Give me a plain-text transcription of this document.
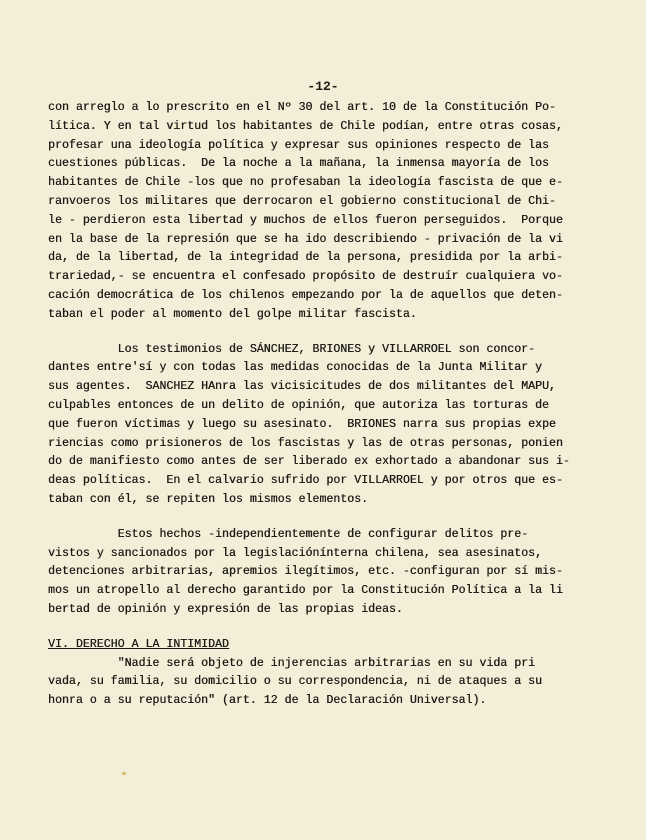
-12-
con arreglo a lo prescrito en el Nº 30 del art. 10 de la Constitución Po-
lítica. Y en tal virtud los habitantes de Chile podían, entre otras cosas,
profesar una ideología política y expresar sus opiniones respecto de las
cuestiones públicas.  De la noche a la mañana, la inmensa mayoría de los
habitantes de Chile -los que no profesaban la ideología fascista de que e-
ranvoeros los militares que derrocaron el gobierno constitucional de Chi-
le - perdieron esta libertad y muchos de ellos fueron perseguidos.  Porque
en la base de la represión que se ha ido describiendo - privación de la vi
da, de la libertad, de la integridad de la persona, presidida por la arbi-
trariedad,- se encuentra el confesado propósito de destruír cualquiera vo-
cación democrática de los chilenos empezando por la de aquellos que deten-
taban el poder al momento del golpe militar fascista.
Los testimonios de SÁNCHEZ, BRIONES y VILLARROEL son concor-
dantes entre'sí y con todas las medidas conocidas de la Junta Militar y
sus agentes.  SANCHEZ HAnra las vicisicitudes de dos militantes del MAPU,
culpables entonces de un delito de opinión, que autoriza las torturas de
que fueron víctimas y luego su asesinato.  BRIONES narra sus propias expe
riencias como prisioneros de los fascistas y las de otras personas, ponien
do de manifiesto como antes de ser liberado ex exhortado a abandonar sus i-
deas políticas.  En el calvario sufrido por VILLARROEL y por otros que es-
taban con él, se repiten los mismos elementos.
Estos hechos -independientemente de configurar delitos pre-
vistos y sancionados por la legislaciónínterna chilena, sea asesinatos,
detenciones arbitrarias, apremios ilegítimos, etc. -configuran por sí mis-
mos un atropello al derecho garantido por la Constitución Política a la li
bertad de opinión y expresión de las propias ideas.
VI. DERECHO A LA INTIMIDAD
"Nadie será objeto de injerencias arbitrarias en su vida pri
vada, su familia, su domicilio o su correspondencia, ni de ataques a su
honra o a su reputación" (art. 12 de la Declaración Universal).
